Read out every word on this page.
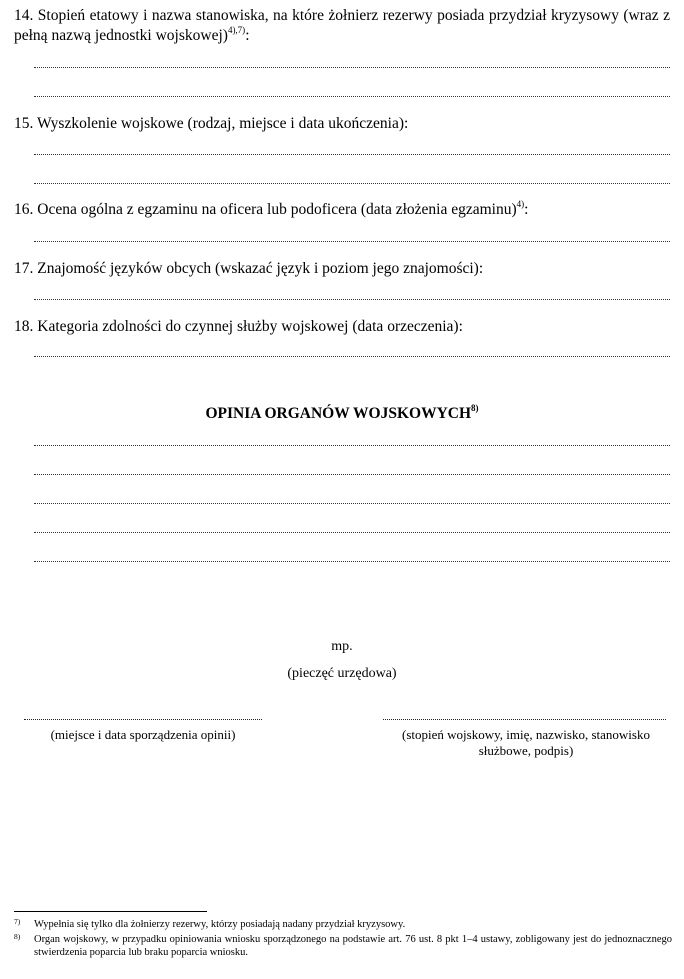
14. Stopień etatowy i nazwa stanowiska, na które żołnierz rezerwy posiada przydział kryzysowy (wraz z pełną nazwą jednostki wojskowej)$^{4),7)}$:
15. Wyszkolenie wojskowe (rodzaj, miejsce i data ukończenia):
16. Ocena ogólna z egzaminu na oficera lub podoficera (data złożenia egzaminu)$^{4)}$:
17. Znajomość języków obcych (wskazać język i poziom jego znajomości):
18. Kategoria zdolności do czynnej służby wojskowej (data orzeczenia):
OPINIA ORGANÓW WOJSKOWYCH$^{8)}$
mp.
(pieczęć urzędowa)
(miejsce i data sporządzenia opinii)	(stopień wojskowy, imię, nazwisko, stanowisko służbowe, podpis)
7)	Wypełnia się tylko dla żołnierzy rezerwy, którzy posiadają nadany przydział kryzysowy.
8)	Organ wojskowy, w przypadku opiniowania wniosku sporządzonego na podstawie art. 76 ust. 8 pkt 1–4 ustawy, zobligowany jest do jednoznacznego stwierdzenia poparcia lub braku poparcia wniosku.
